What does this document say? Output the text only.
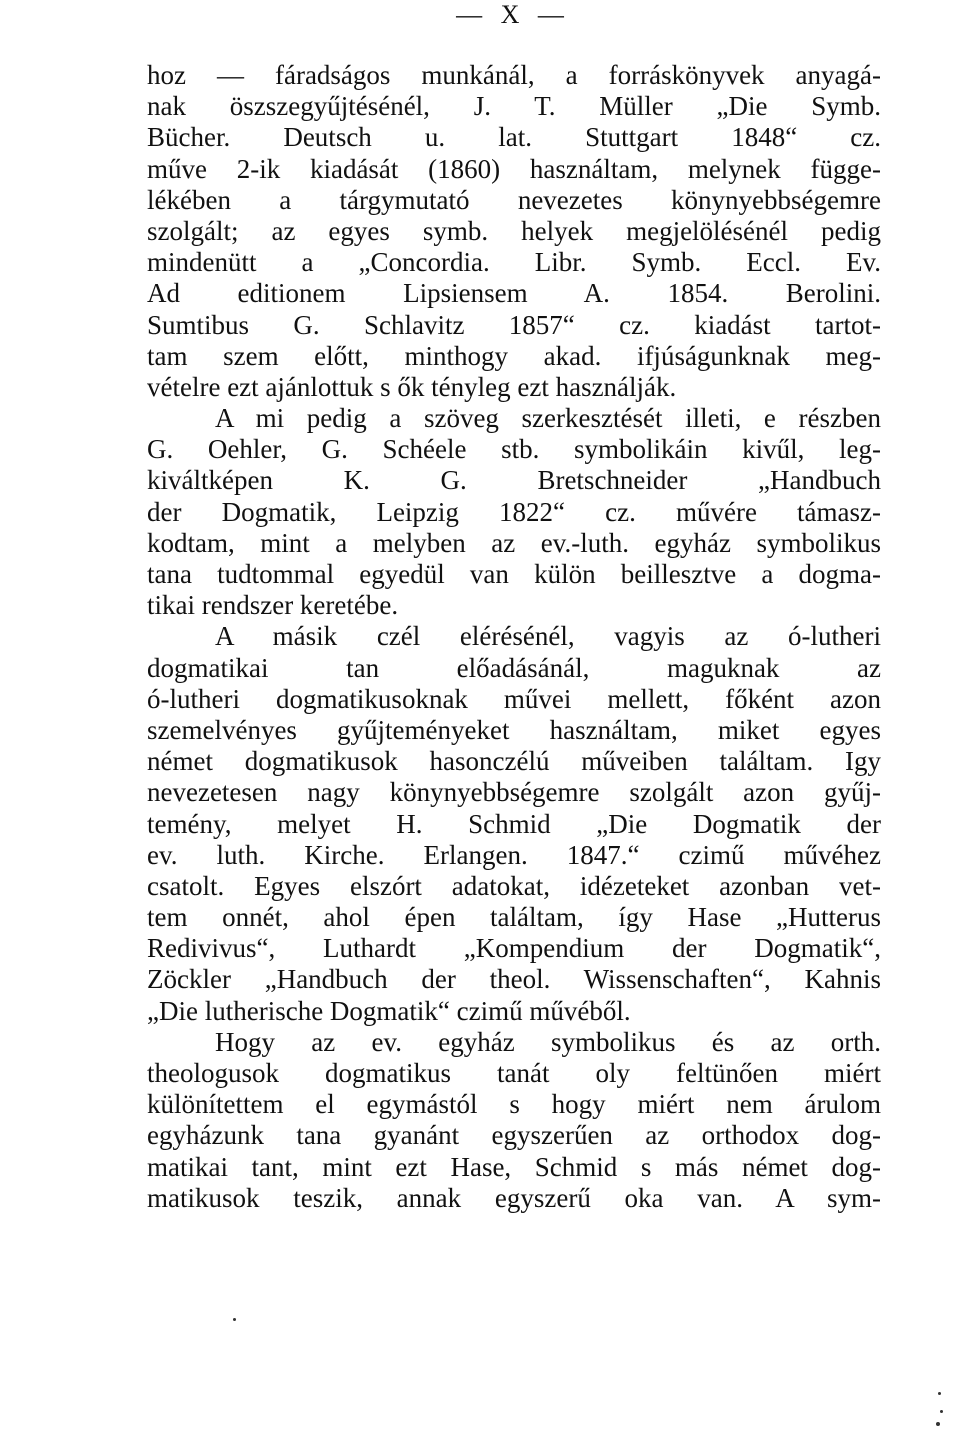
— X —
hoz — fáradságos munkánál, a forráskönyvek anyagá-
nak öszszegyűjtésénél, J. T. Müller „Die Symb.
Bücher. Deutsch u. lat. Stuttgart 1848“ cz.
műve 2-ik kiadását (1860) használtam, melynek függe-
lékében a tárgymutató nevezetes könynyebbségemre
szolgált; az egyes symb. helyek megjelölésénél pedig
mindenütt a „Concordia. Libr. Symb. Eccl. Ev.
Ad editionem Lipsiensem A. 1854. Berolini.
Sumtibus G. Schlavitz 1857“ cz. kiadást tartot-
tam szem előtt, minthogy akad. ifjúságunknak meg-
vételre ezt ajánlottuk s ők tényleg ezt használják.
A mi pedig a szöveg szerkesztését illeti, e részben
G. Oehler, G. Schéele stb. symbolikáin kivűl, leg-
kiváltképen K. G. Bretschneider „Handbuch
der Dogmatik, Leipzig 1822“ cz. művére támasz-
kodtam, mint a melyben az ev.-luth. egyház symbolikus
tana tudtommal egyedül van külön beillesztve a dogma-
tikai rendszer keretébe.
A másik czél elérésénél, vagyis az ó-lutheri
dogmatikai tan előadásánál, maguknak az
ó-lutheri dogmatikusoknak művei mellett, főként azon
szemelvényes gyűjteményeket használtam, miket egyes
német dogmatikusok hasonczélú műveiben találtam. Igy
nevezetesen nagy könynyebbségemre szolgált azon gyűj-
temény, melyet H. Schmid „Die Dogmatik der
ev. luth. Kirche. Erlangen. 1847.“ czimű művéhez
csatolt. Egyes elszórt adatokat, idézeteket azonban vet-
tem onnét, ahol épen találtam, így Hase „Hutterus
Redivivus“, Luthardt „Kompendium der Dogmatik“,
Zöckler „Handbuch der theol. Wissenschaften“, Kahnis
„Die lutherische Dogmatik“ czimű művéből.
Hogy az ev. egyház symbolikus és az orth.
theologusok dogmatikus tanát oly feltünően miért
különítettem el egymástól s hogy miért nem árulom
egyházunk tana gyanánt egyszerűen az orthodox dog-
matikai tant, mint ezt Hase, Schmid s más német dog-
matikusok teszik, annak egyszerű oka van. A sym-
